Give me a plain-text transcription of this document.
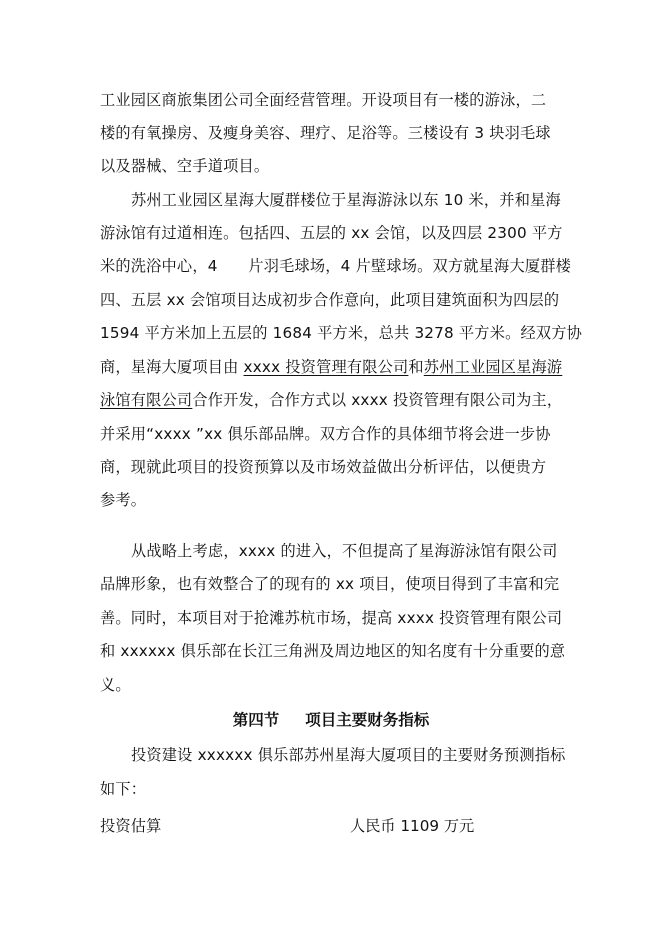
工业园区商旅集团公司全面经营管理。开设项目有一楼的游泳，二
楼的有氧操房、及瘦身美容、理疗、足浴等。三楼设有 3 块羽毛球
以及器械、空手道项目。
苏州工业园区星海大厦群楼位于星海游泳以东 10 米，并和星海
游泳馆有过道相连。包括四、五层的 xx 会馆，以及四层 2300 平方
米的洗浴中心，4　　片羽毛球场，4 片壁球场。双方就星海大厦群楼
四、五层 xx 会馆项目达成初步合作意向，此项目建筑面积为四层的
1594 平方米加上五层的 1684 平方米，总共 3278 平方米。经双方协
商，星海大厦项目由 xxxx 投资管理有限公司和苏州工业园区星海游
泳馆有限公司合作开发，合作方式以 xxxx 投资管理有限公司为主，
并采用“xxxx ”xx 俱乐部品牌。双方合作的具体细节将会进一步协
商，现就此项目的投资预算以及市场效益做出分析评估，以便贵方
参考。
从战略上考虑，xxxx 的进入，不但提高了星海游泳馆有限公司
品牌形象，也有效整合了的现有的 xx 项目，使项目得到了丰富和完
善。同时，本项目对于抢滩苏杭市场，提高 xxxx 投资管理有限公司
和 xxxxxx 俱乐部在长江三角洲及周边地区的知名度有十分重要的意
义。
第四节 项目主要财务指标
投资建设 xxxxxx 俱乐部苏州星海大厦项目的主要财务预测指标
如下：
投资估算	人民币 1109 万元
